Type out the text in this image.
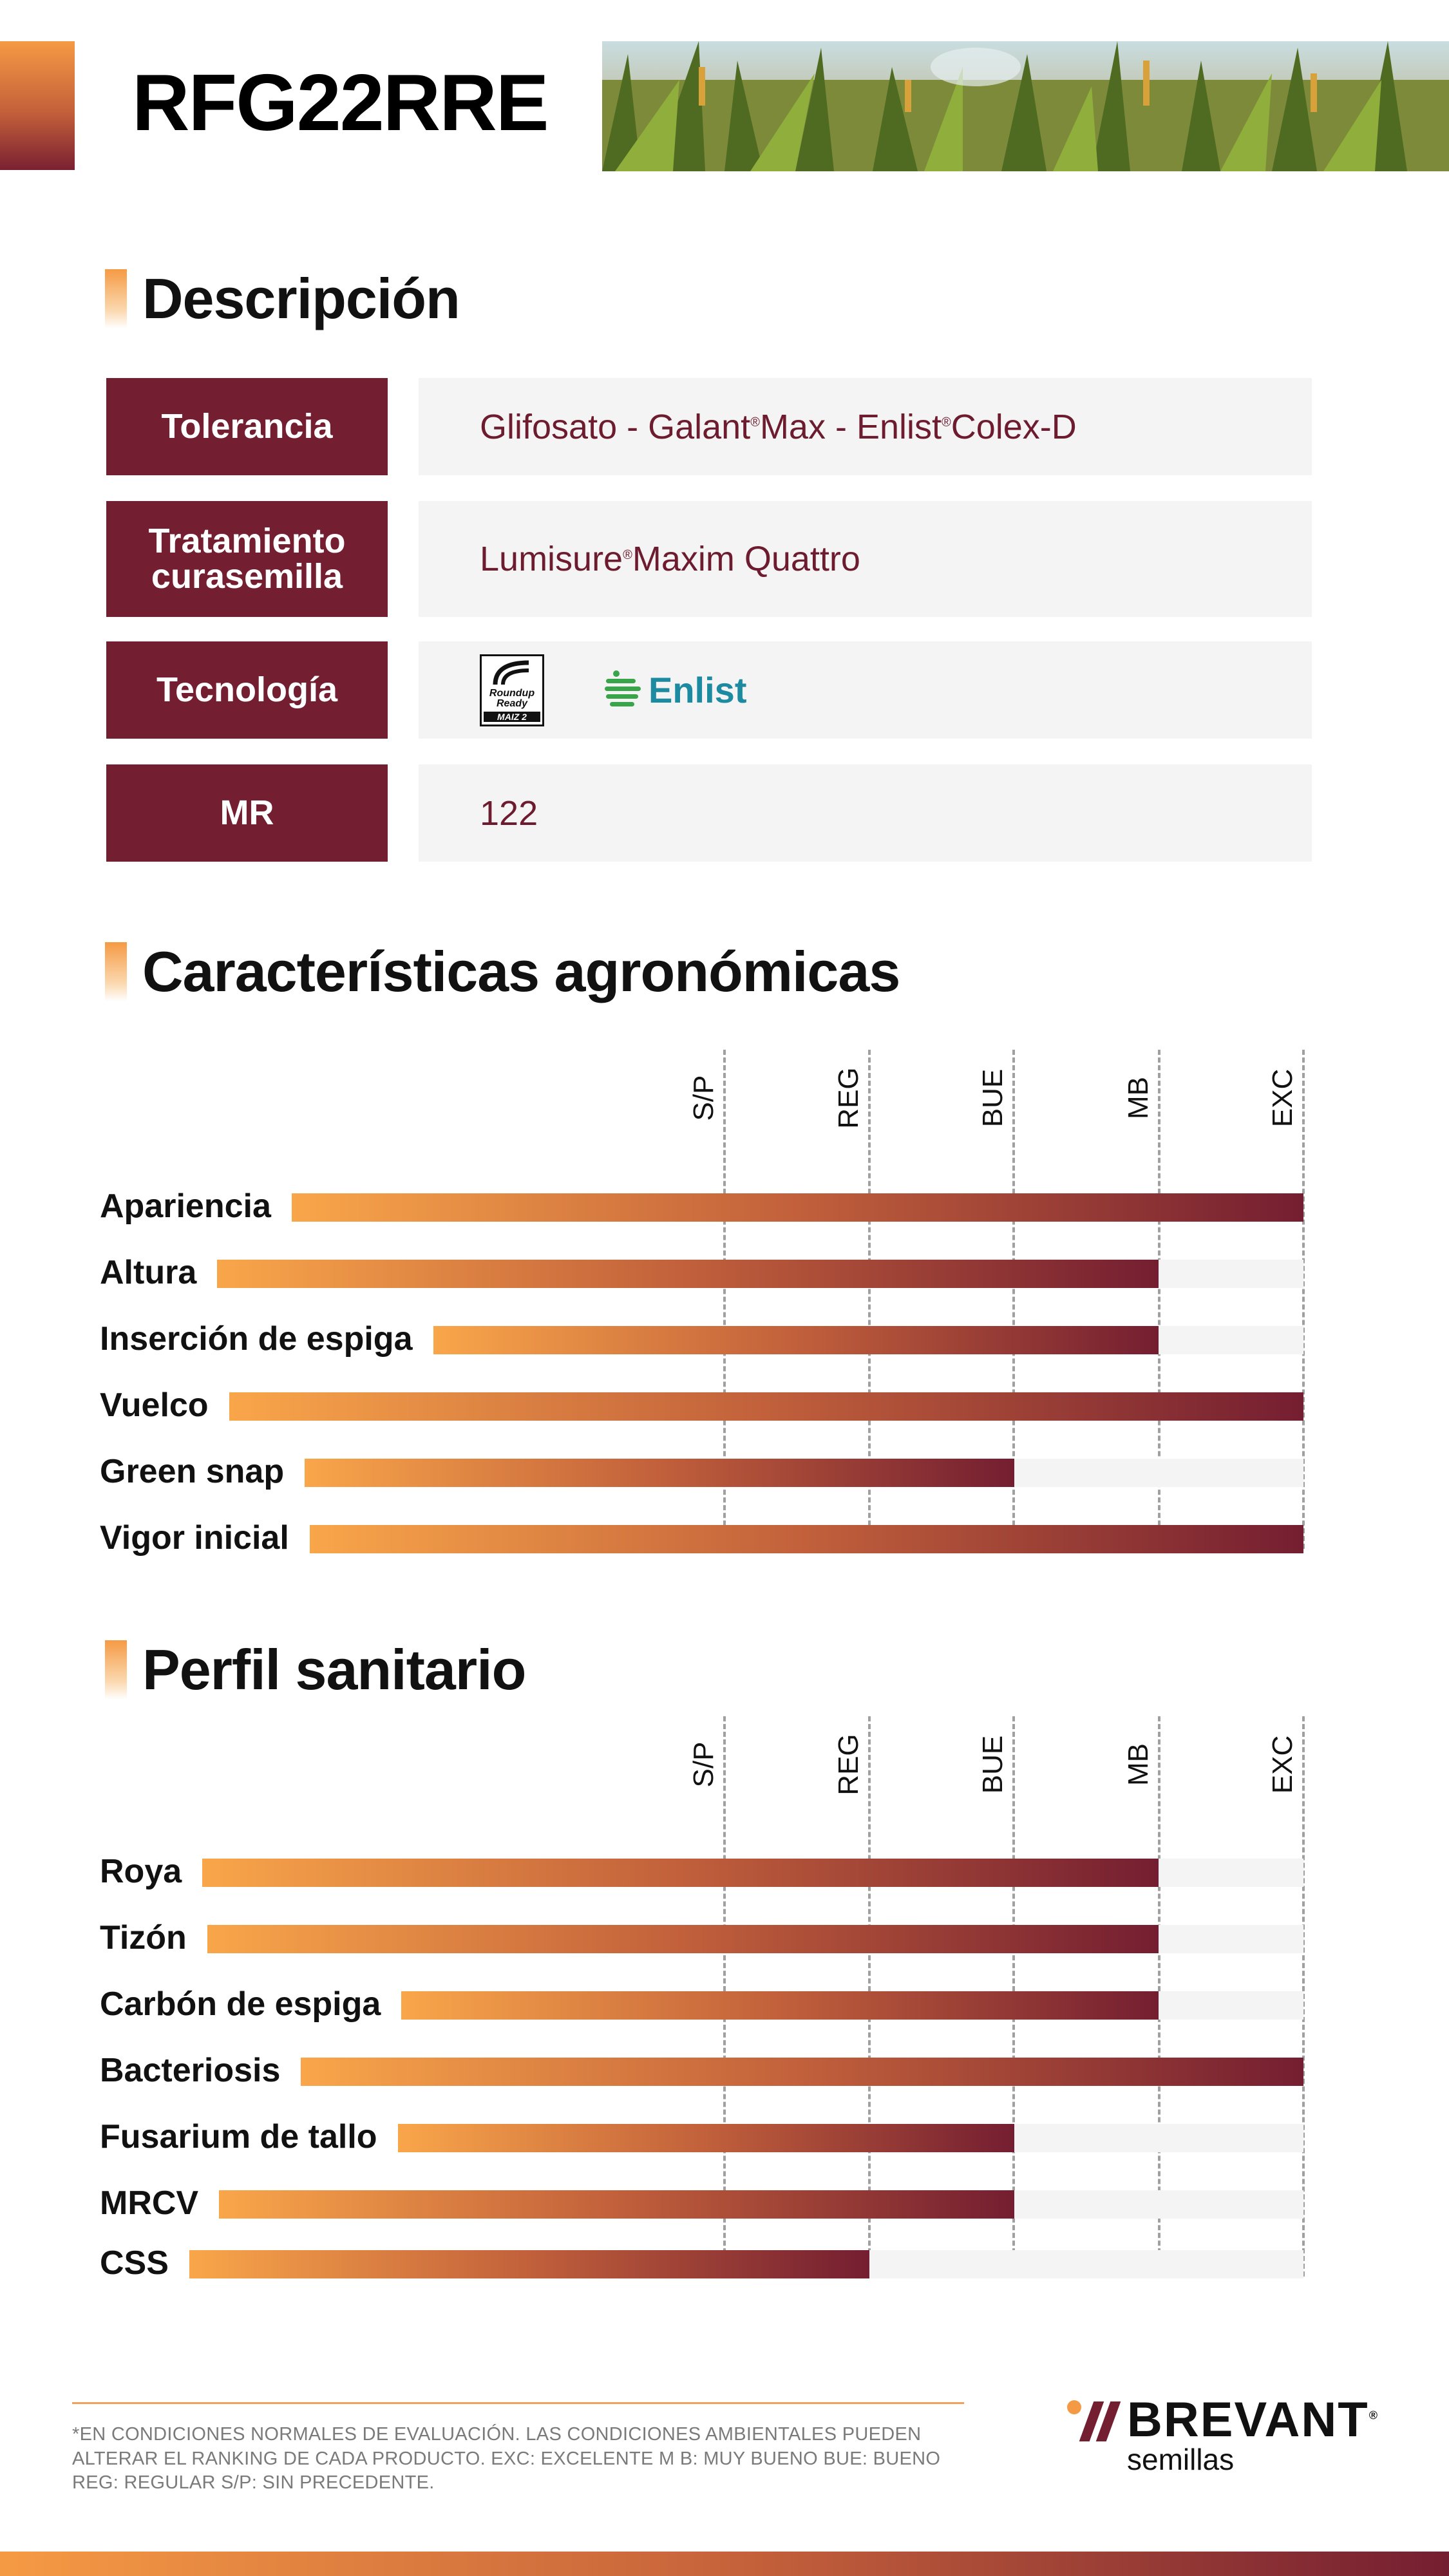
RFG22RRE
Descripción
Tolerancia	Glifosato - Galant® Max - Enlist® Colex-D
Tratamiento curasemilla	Lumisure® Maxim Quattro
Tecnología	Roundup Ready
MAIZ 2
Enlist
MR	122
Características agronómicas
S/P	REG	BUE	MB	EXC
Apariencia
Altura
Inserción de espiga
Vuelco
Green snap
Vigor inicial
Perfil sanitario
S/P	REG	BUE	MB	EXC
Roya
Tizón
Carbón de espiga
Bacteriosis
Fusarium de tallo
MRCV
CSS
*EN CONDICIONES NORMALES DE EVALUACIÓN. LAS CONDICIONES AMBIENTALES PUEDEN ALTERAR EL RANKING DE CADA PRODUCTO. EXC: EXCELENTE M B: MUY BUENO BUE: BUENO REG: REGULAR S/P: SIN PRECEDENTE.
BREVANT®
semillas
